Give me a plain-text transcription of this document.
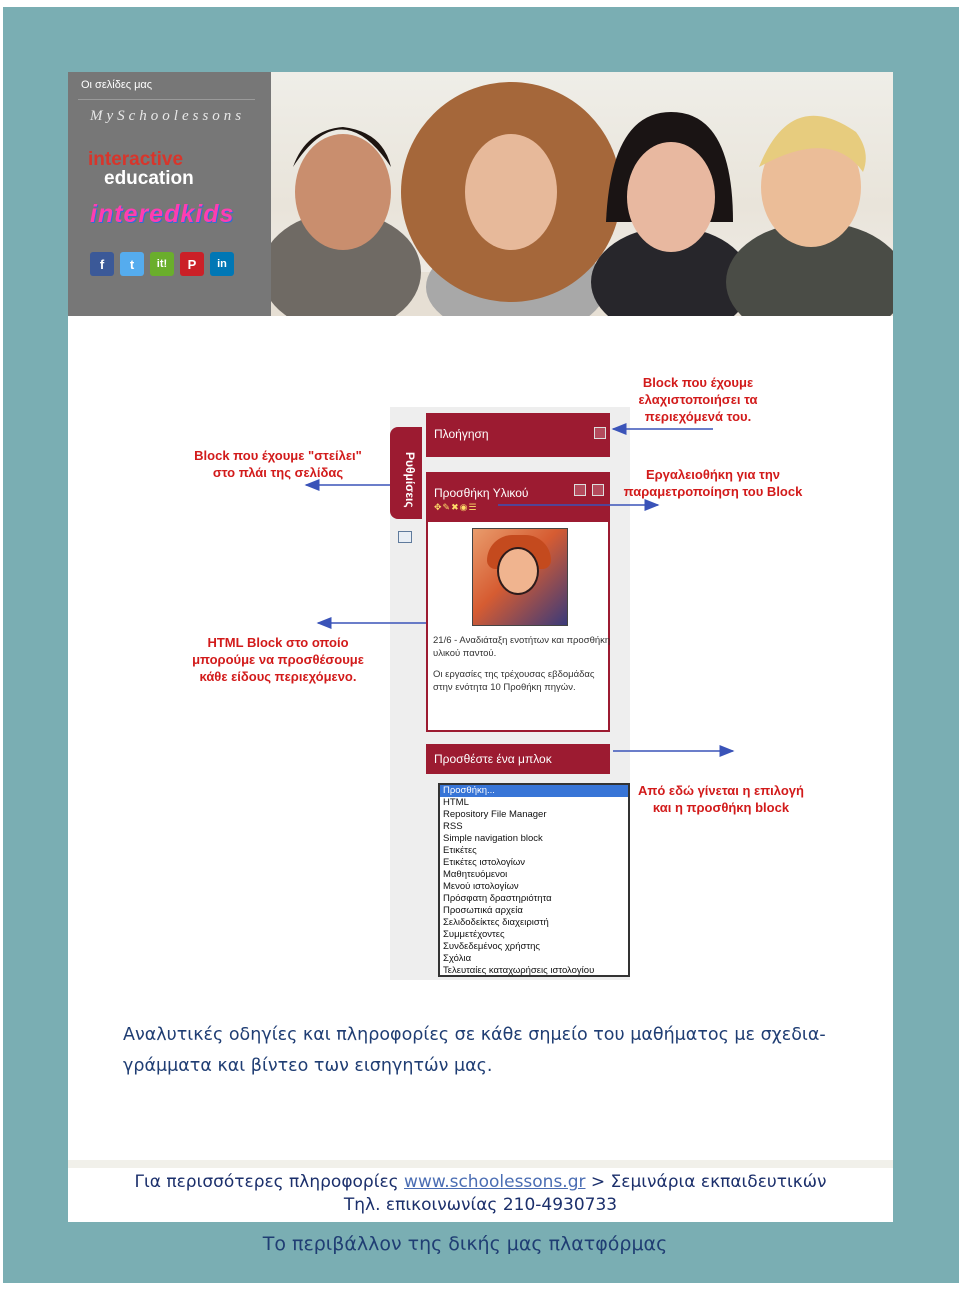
Οι σελίδες μας
MySchoolessons
interactive
education
interedkids
f	t	it!	P	in
Ρυθμίσεις
Πλοήγηση
Προσθήκη Υλικού
✥✎✖◉☰
21/6 - Αναδιάταξη ενοτήτων και προσθήκη υλικού παντού.
Οι εργασίες της τρέχουσας εβδομάδας στην ενότητα 10 Προθήκη πηγών.
Προσθέστε ένα μπλοκ
Προσθήκη...
HTML
Repository File Manager
RSS
Simple navigation block
Ετικέτες
Ετικέτες ιστολογίων
Μαθητευόμενοι
Μενού ιστολογίων
Πρόσφατη δραστηριότητα
Προσωπικά αρχεία
Σελιδοδείκτες διαχειριστή
Συμμετέχοντες
Συνδεδεμένος χρήστης
Σχόλια
Τελευταίες καταχωρήσεις ιστολογίου
Block που έχουμε
ελαχιστοποιήσει τα
περιεχόμενά του.
Block που έχουμε "στείλει"
στο πλάι της σελίδας	Εργαλειοθήκη για την
παραμετροποίηση του Block
HTML Block στο οποίο
μπορούμε να προσθέσουμε
κάθε είδους περιεχόμενο.
Από εδώ γίνεται η επιλογή
και η προσθήκη block
Αναλυτικές οδηγίες και πληροφορίες σε κάθε σημείο του μαθήματος με σχεδια-
γράμματα και βίντεο των εισηγητών μας.
Για περισσότερες πληροφορίες www.schoolessons.gr > Σεμινάρια εκπαιδευτικών
Τηλ. επικοινωνίας 210-4930733
Το περιβάλλον της δικής μας πλατφόρμας
